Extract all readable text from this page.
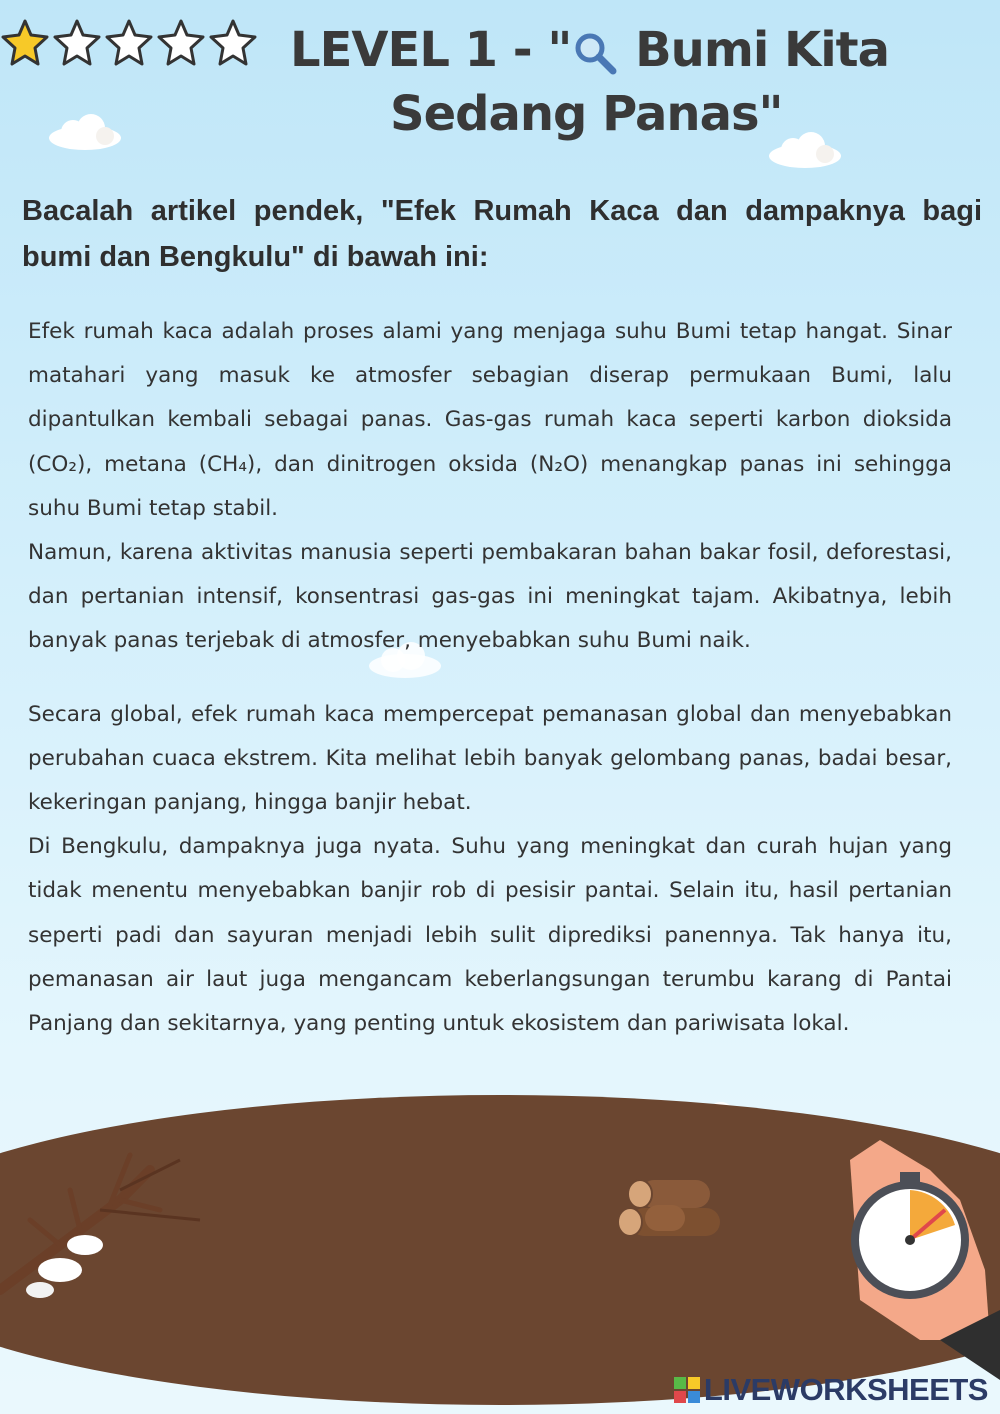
LEVEL 1 - " Bumi Kita
Sedang Panas"
Bacalah artikel pendek, "Efek Rumah Kaca dan dampaknya bagi bumi dan Bengkulu" di bawah ini:

Efek rumah kaca adalah proses alami yang menjaga suhu Bumi tetap hangat. Sinar matahari yang masuk ke atmosfer sebagian diserap permukaan Bumi, lalu dipantulkan kembali sebagai panas. Gas-gas rumah kaca seperti karbon dioksida (CO₂), metana (CH₄), dan dinitrogen oksida (N₂O) menangkap panas ini sehingga suhu Bumi tetap stabil.

Namun, karena aktivitas manusia seperti pembakaran bahan bakar fosil, deforestasi, dan pertanian intensif, konsentrasi gas-gas ini meningkat tajam. Akibatnya, lebih banyak panas terjebak di atmosfer, menyebabkan suhu Bumi naik.

Secara global, efek rumah kaca mempercepat pemanasan global dan menyebabkan perubahan cuaca ekstrem. Kita melihat lebih banyak gelombang panas, badai besar, kekeringan panjang, hingga banjir hebat.

Di Bengkulu, dampaknya juga nyata. Suhu yang meningkat dan curah hujan yang tidak menentu menyebabkan banjir rob di pesisir pantai. Selain itu, hasil pertanian seperti padi dan sayuran menjadi lebih sulit diprediksi panennya. Tak hanya itu, pemanasan air laut juga mengancam keberlangsungan terumbu karang di Pantai Panjang dan sekitarnya, yang penting untuk ekosistem dan pariwisata lokal.

LIVEWORKSHEETS
